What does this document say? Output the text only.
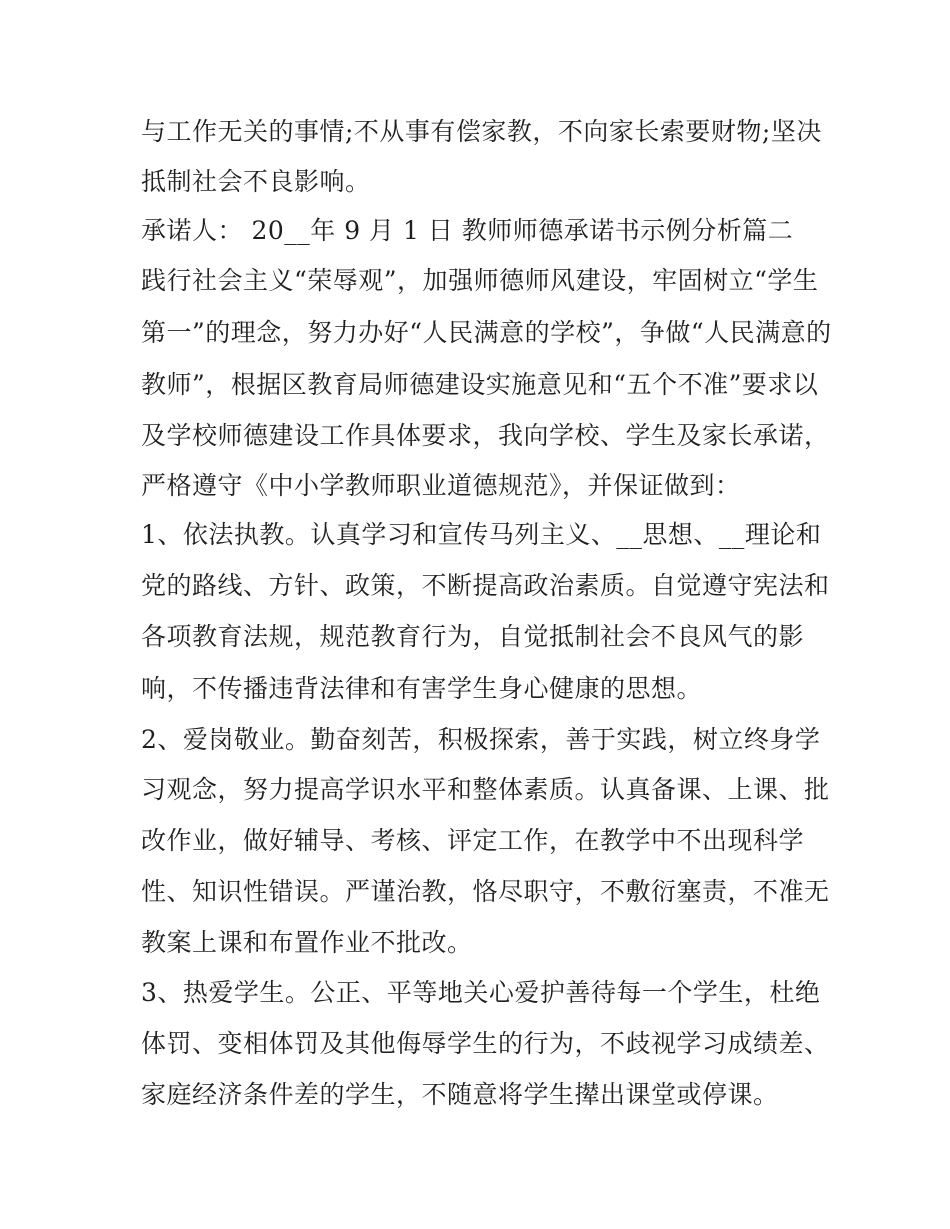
与工作无关的事情;不从事有偿家教，不向家长索要财物;坚决
抵制社会不良影响。
承诺人： 20__年 9 月 1 日 教师师德承诺书示例分析篇二
践行社会主义“荣辱观”，加强师德师风建设，牢固树立“学生
第一”的理念，努力办好“人民满意的学校”，争做“人民满意的
教师”，根据区教育局师德建设实施意见和“五个不准”要求以
及学校师德建设工作具体要求，我向学校、学生及家长承诺，
严格遵守《中小学教师职业道德规范》，并保证做到：
1、依法执教。认真学习和宣传马列主义、__思想、__理论和
党的路线、方针、政策，不断提高政治素质。自觉遵守宪法和
各项教育法规，规范教育行为，自觉抵制社会不良风气的影
响，不传播违背法律和有害学生身心健康的思想。
2、爱岗敬业。勤奋刻苦，积极探索，善于实践，树立终身学
习观念，努力提高学识水平和整体素质。认真备课、上课、批
改作业，做好辅导、考核、评定工作，在教学中不出现科学
性、知识性错误。严谨治教，恪尽职守，不敷衍塞责，不准无
教案上课和布置作业不批改。
3、热爱学生。公正、平等地关心爱护善待每一个学生，杜绝
体罚、变相体罚及其他侮辱学生的行为，不歧视学习成绩差、
家庭经济条件差的学生，不随意将学生撵出课堂或停课。
